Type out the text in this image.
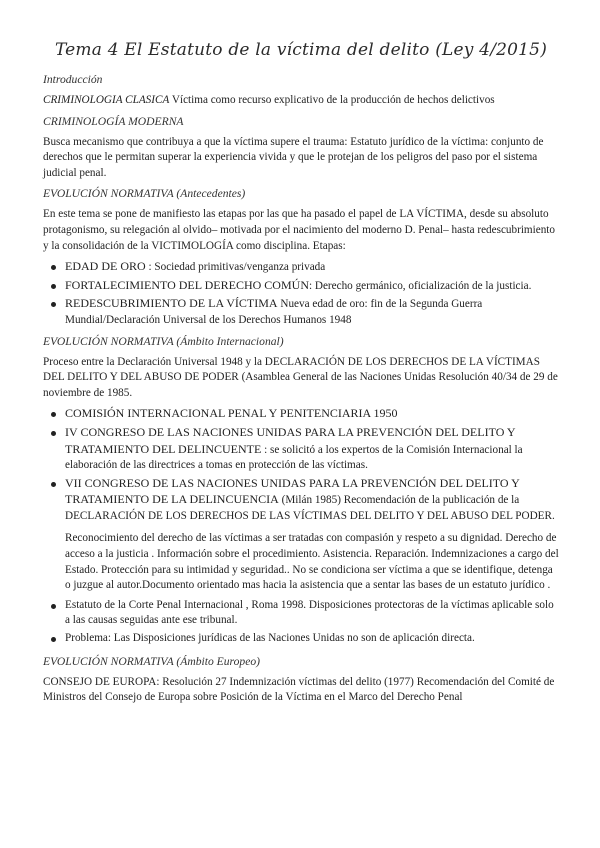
Tema 4 El Estatuto de la víctima del delito (Ley 4/2015)
Introducción
CRIMINOLOGIA CLASICA Víctima como recurso explicativo de la producción de hechos delictivos
CRIMINOLOGÍA MODERNA
Busca mecanismo que contribuya a que la víctima supere el trauma: Estatuto jurídico de la víctima: conjunto de derechos que le permitan superar la experiencia vivida y que le protejan de los peligros del paso por el sistema judicial penal.
EVOLUCIÓN NORMATIVA (Antecedentes)
En este tema se pone de manifiesto las etapas por las que ha pasado el papel de LA VÍCTIMA, desde su absoluto protagonismo, su relegación al olvido– motivada por el nacimiento del moderno D. Penal– hasta redescubrimiento y la consolidación de la VICTIMOLOGÍA como disciplina. Etapas:
EDAD DE ORO : Sociedad primitivas/venganza privada
FORTALECIMIENTO DEL DERECHO COMÚN: Derecho germánico, oficialización de la justicia.
REDESCUBRIMIENTO DE LA VÍCTIMA Nueva edad de oro: fin de la Segunda Guerra Mundial/Declaración Universal de los Derechos Humanos 1948
EVOLUCIÓN NORMATIVA (Ámbito Internacional)
Proceso entre la Declaración Universal 1948 y la DECLARACIÓN DE LOS DERECHOS DE LA VÍCTIMAS DEL DELITO Y DEL ABUSO DE PODER (Asamblea General de las Naciones Unidas Resolución 40/34 de 29 de noviembre de 1985.
COMISIÓN INTERNACIONAL PENAL Y PENITENCIARIA 1950
IV CONGRESO DE LAS NACIONES UNIDAS PARA LA PREVENCIÓN DEL DELITO Y TRATAMIENTO DEL DELINCUENTE : se solicitó a los expertos de la Comisión Internacional la elaboración de las directrices a tomas en protección de las víctimas.
VII CONGRESO DE LAS NACIONES UNIDAS PARA LA PREVENCIÓN DEL DELITO Y TRATAMIENTO DE LA DELINCUENCIA (Milán 1985) Recomendación de la publicación de la DECLARACIÓN DE LOS DERECHOS DE LAS VÍCTIMAS DEL DELITO Y DEL ABUSO DEL PODER.
Reconocimiento del derecho de las víctimas a ser tratadas con compasión y respeto a su dignidad. Derecho de acceso a la justicia . Información sobre el procedimiento. Asistencia. Reparación. Indemnizaciones a cargo del Estado. Protección para su intimidad y seguridad.. No se condiciona ser víctima a que se identifique, detenga o juzgue al autor.Documento orientado mas hacia la asistencia que a sentar las bases de un estatuto jurídico .
Estatuto de la Corte Penal Internacional , Roma 1998. Disposiciones protectoras de la víctimas aplicable solo a las causas seguidas ante ese tribunal.
Problema: Las Disposiciones jurídicas de las Naciones Unidas no son de aplicación directa.
EVOLUCIÓN NORMATIVA (Ámbito Europeo)
CONSEJO DE EUROPA: Resolución 27 Indemnización víctimas del delito (1977) Recomendación del Comité de Ministros del Consejo de Europa sobre Posición de la Víctima en el Marco del Derecho Penal
